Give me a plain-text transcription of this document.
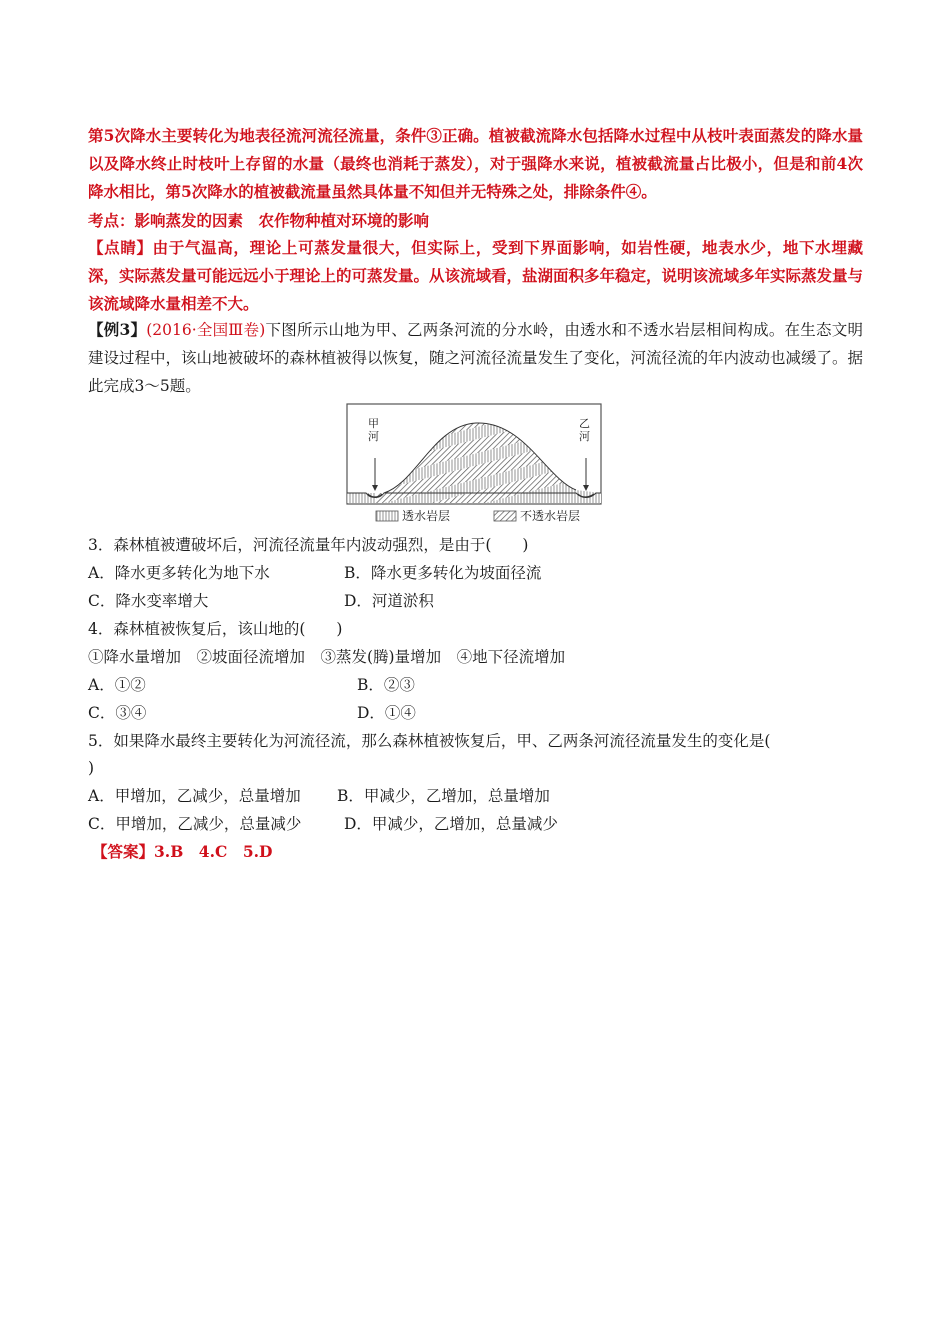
第5次降水主要转化为地表径流河流径流量，条件③正确。植被截流降水包括降水过程中从枝叶表面蒸发的降水量以及降水终止时枝叶上存留的水量（最终也消耗于蒸发），对于强降水来说，植被截流量占比极小，但是和前4次降水相比，第5次降水的植被截流量虽然具体量不知但并无特殊之处，排除条件④。
考点：影响蒸发的因素　农作物种植对环境的影响
【点睛】由于气温高，理论上可蒸发量很大，但实际上，受到下界面影响，如岩性硬，地表水少，地下水埋藏深，实际蒸发量可能远远小于理论上的可蒸发量。从该流域看，盐湖面积多年稳定，说明该流域多年实际蒸发量与该流域降水量相差不大。
【例3】(2016·全国Ⅲ卷)下图所示山地为甲、乙两条河流的分水岭，由透水和不透水岩层相间构成。在生态文明建设过程中，该山地被破坏的森林植被得以恢复，随之河流径流量发生了变化，河流径流的年内波动也减缓了。据此完成3～5题。
甲河
乙河
透水岩层	不透水岩层
3．森林植被遭破坏后，河流径流量年内波动强烈，是由于(　　)
A．降水更多转化为地下水	B．降水更多转化为坡面径流
C．降水变率增大	D．河道淤积
4．森林植被恢复后，该山地的(　　)
①降水量增加　②坡面径流增加　③蒸发(腾)量增加　④地下径流增加
A．①②	B．②③
C．③④	D．①④
5．如果降水最终主要转化为河流径流，那么森林植被恢复后，甲、乙两条河流径流量发生的变化是(
)
A．甲增加，乙减少，总量增加 B．甲减少，乙增加，总量增加
C．甲增加，乙减少，总量减少	D．甲减少，乙增加，总量减少
【答案】3.B　4.C　5.D
